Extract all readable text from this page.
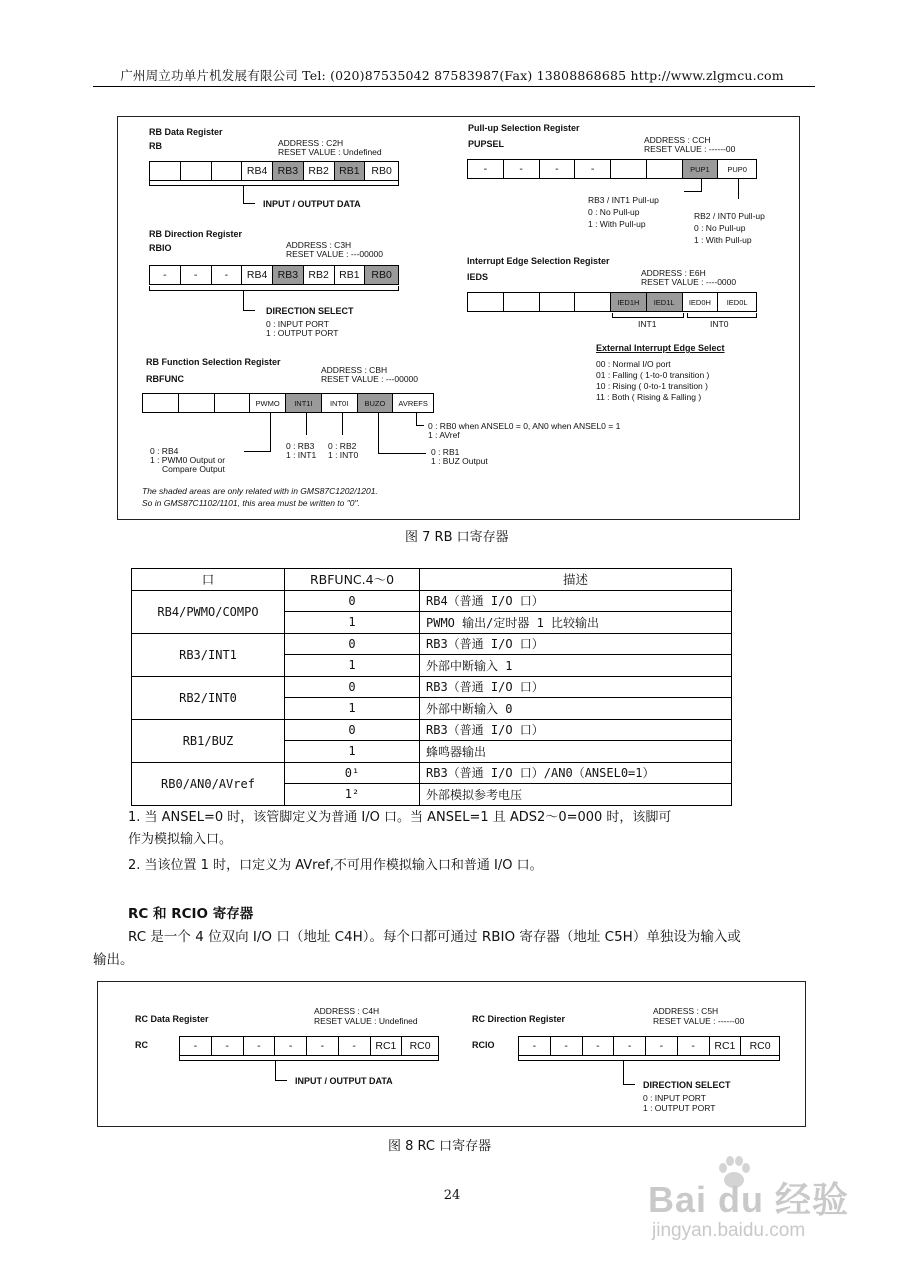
广州周立功单片机发展有限公司 Tel: (020)87535042 87583987(Fax) 13808868685 http://www.zlgmcu.com
RB Data Register
RB	ADDRESS : C2H
RESET VALUE : Undefined
RB4 RB3 RB2 RB1	RB0
INPUT / OUTPUT DATA
RB Direction Register
RBIO	ADDRESS : C3H
RESET VALUE : ---00000
-	-	-	RB4 RB3 RB2 RB1	RB0
DIRECTION SELECT
0 : INPUT PORT
1 : OUTPUT PORT
RB Function Selection Register
RBFUNC
ADDRESS : CBH
RESET VALUE : ---00000
PWMO	INT1I	INT0I	BUZO	AVREFS
0 : RB0 when ANSEL0 = 0, AN0 when ANSEL0 = 1
1 : AVref
0 : RB1
1 : BUZ Output
0 : RB2
1 : INT0
0 : RB3
1 : INT1
0 : RB4
1 : PWM0 Output or
Compare Output
The shaded areas are only related with in GMS87C1202/1201.
So in GMS87C1102/1101, this area must be written to "0".
Pull-up Selection Register
PUPSEL	ADDRESS : CCH
RESET VALUE : ------00
-	-	-	-	PUP1	PUP0
RB3 / INT1 Pull-up
0 : No Pull-up
1 : With Pull-up
RB2 / INT0 Pull-up
0 : No Pull-up
1 : With Pull-up
Interrupt Edge Selection Register
IEDS	ADDRESS : E6H
RESET VALUE : ----0000
IED1H	IED1L	IED0H	IED0L
INT1	INT0
External Interrupt Edge Select
00 : Normal I/O port
01 : Falling ( 1-to-0 transition )
10 : Rising ( 0-to-1 transition )
11 : Both ( Rising & Falling )
图 7 RB 口寄存器
口	RBFUNC.4～0	描述
RB4/PWMO/COMPO	0	RB4（普通 I/O 口）
	1	PWMO 输出/定时器 1 比较输出
RB3/INT1	0	RB3（普通 I/O 口）
	1	外部中断输入 1
RB2/INT0	0	RB3（普通 I/O 口）
	1	外部中断输入 0
RB1/BUZ	0	RB3（普通 I/O 口）
	1	蜂鸣器输出
RB0/AN0/AVref	0¹	RB3（普通 I/O 口）/AN0（ANSEL0=1）
	1²	外部模拟参考电压
1. 当 ANSEL=0 时，该管脚定义为普通 I/O 口。当 ANSEL=1 且 ADS2～0=000 时，该脚可
作为模拟输入口。
2. 当该位置 1 时，口定义为 AVref,不可用作模拟输入口和普通 I/O 口。
RC 和 RCIO 寄存器
RC 是一个 4 位双向 I/O 口（地址 C4H）。每个口都可通过 RBIO 寄存器（地址 C5H）单独设为输入或
输出。
RC Data Register
RC
ADDRESS : C4H
RESET VALUE : Undefined
-	-	-	-	-	-	RC1	RC0
INPUT / OUTPUT DATA
RC Direction Register
RCIO
ADDRESS : C5H
RESET VALUE : ------00
-	-	-	-	-	-	RC1	RC0
DIRECTION SELECT
0 : INPUT PORT
1 : OUTPUT PORT
图 8 RC 口寄存器
24	Bai du 经验
jingyan.baidu.com
